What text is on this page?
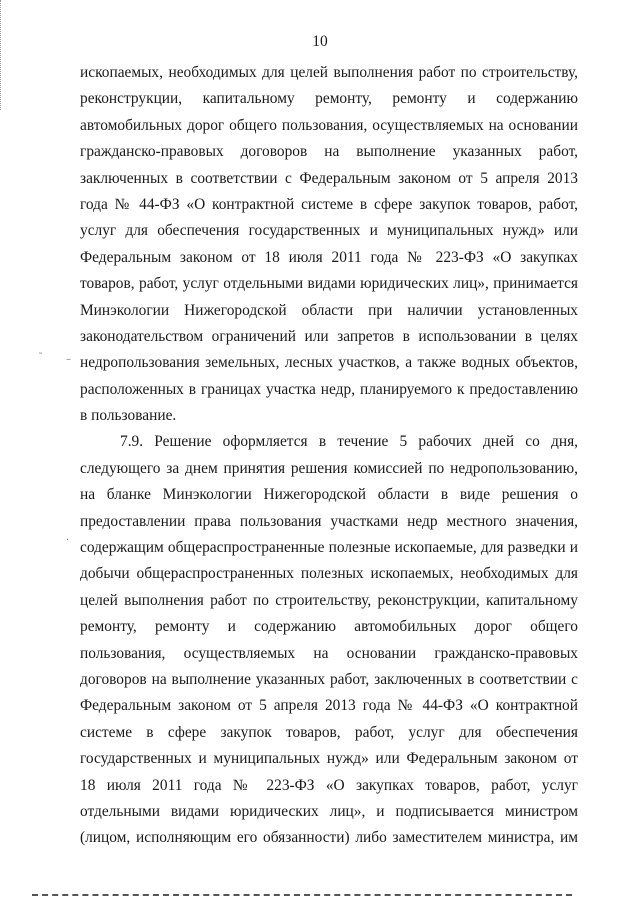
10
˜ –
·
ископаемых, необходимых для целей выполнения работ по строительству,
реконструкции, капитальному ремонту, ремонту и содержанию
автомобильных дорог общего пользования, осуществляемых на основании
гражданско-правовых договоров на выполнение указанных работ,
заключенных в соответствии с Федеральным законом от 5 апреля 2013
года № 44-ФЗ «О контрактной системе в сфере закупок товаров, работ,
услуг для обеспечения государственных и муниципальных нужд» или
Федеральным законом от 18 июля 2011 года № 223-ФЗ «О закупках
товаров, работ, услуг отдельными видами юридических лиц», принимается
Минэкологии Нижегородской области при наличии установленных
законодательством ограничений или запретов в использовании в целях
недропользования земельных, лесных участков, а также водных объектов,
расположенных в границах участка недр, планируемого к предоставлению
в пользование.
7.9. Решение оформляется в течение 5 рабочих дней со дня,
следующего за днем принятия решения комиссией по недропользованию,
на бланке Минэкологии Нижегородской области в виде решения о
предоставлении права пользования участками недр местного значения,
содержащим общераспространенные полезные ископаемые, для разведки и
добычи общераспространенных полезных ископаемых, необходимых для
целей выполнения работ по строительству, реконструкции, капитальному
ремонту, ремонту и содержанию автомобильных дорог общего
пользования, осуществляемых на основании гражданско-правовых
договоров на выполнение указанных работ, заключенных в соответствии с
Федеральным законом от 5 апреля 2013 года № 44-ФЗ «О контрактной
системе в сфере закупок товаров, работ, услуг для обеспечения
государственных и муниципальных нужд» или Федеральным законом от
18 июля 2011 года № 223-ФЗ «О закупках товаров, работ, услуг
отдельными видами юридических лиц», и подписывается министром
(лицом, исполняющим его обязанности) либо заместителем министра, им
